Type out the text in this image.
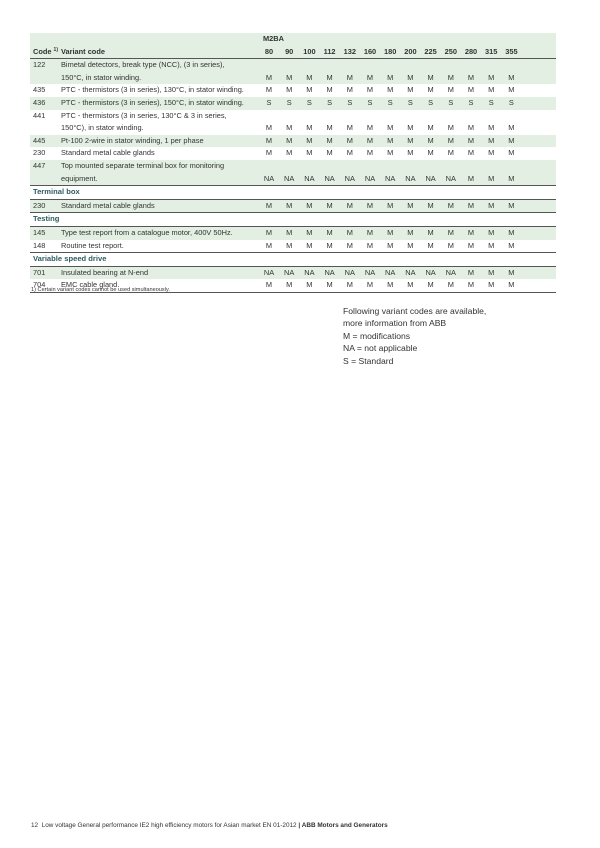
M2BA
Code $^{1)}$ Variant code	80	90	100	112	132	160	180	200	225	250	280	315	355
122 Bimetal detectors, break type (NCC), (3 in series),
150°C, in stator winding.	M	M	M	M	M	M	M	M	M	M	M	M	M
435 PTC - thermistors (3 in series), 130°C, in stator winding.	M	M	M	M	M	M	M	M	M	M	M	M	M
436 PTC - thermistors (3 in series), 150°C, in stator winding.	S	S	S	S	S	S	S	S	S	S	S	S	S
441 PTC - thermistors (3 in series, 130°C & 3 in series,
150°C), in stator winding.	M	M	M	M	M	M	M	M	M	M	M	M	M
445 Pt-100 2-wire in stator winding, 1 per phase	M	M	M	M	M	M	M	M	M	M	M	M	M
230 Standard metal cable glands	M	M	M	M	M	M	M	M	M	M	M	M	M
447 Top mounted separate terminal box for monitoring
equipment.	NA	NA	NA	NA	NA	NA	NA	NA	NA	NA	M	M	M
Terminal box
230 Standard metal cable glands	M	M	M	M	M	M	M	M	M	M	M	M	M
Testing
145 Type test report from a catalogue motor, 400V 50Hz.	M	M	M	M	M	M	M	M	M	M	M	M	M
148 Routine test report.	M	M	M	M	M	M	M	M	M	M	M	M	M
Variable speed drive
701 Insulated bearing at N-end	NA	NA	NA	NA	NA	NA	NA	NA	NA	NA	M	M	M
704 EMC cable gland.	M	M	M	M	M	M	M	M	M	M	M	M	M
1) Certain variant codes cannot be used simultaneously.
Following variant codes are available,
more information from ABB
M = modifications
NA = not applicable
S = Standard
12 Low voltage General performance IE2 high efficiency motors for Asian market EN 01-2012 | ABB Motors and Generators
